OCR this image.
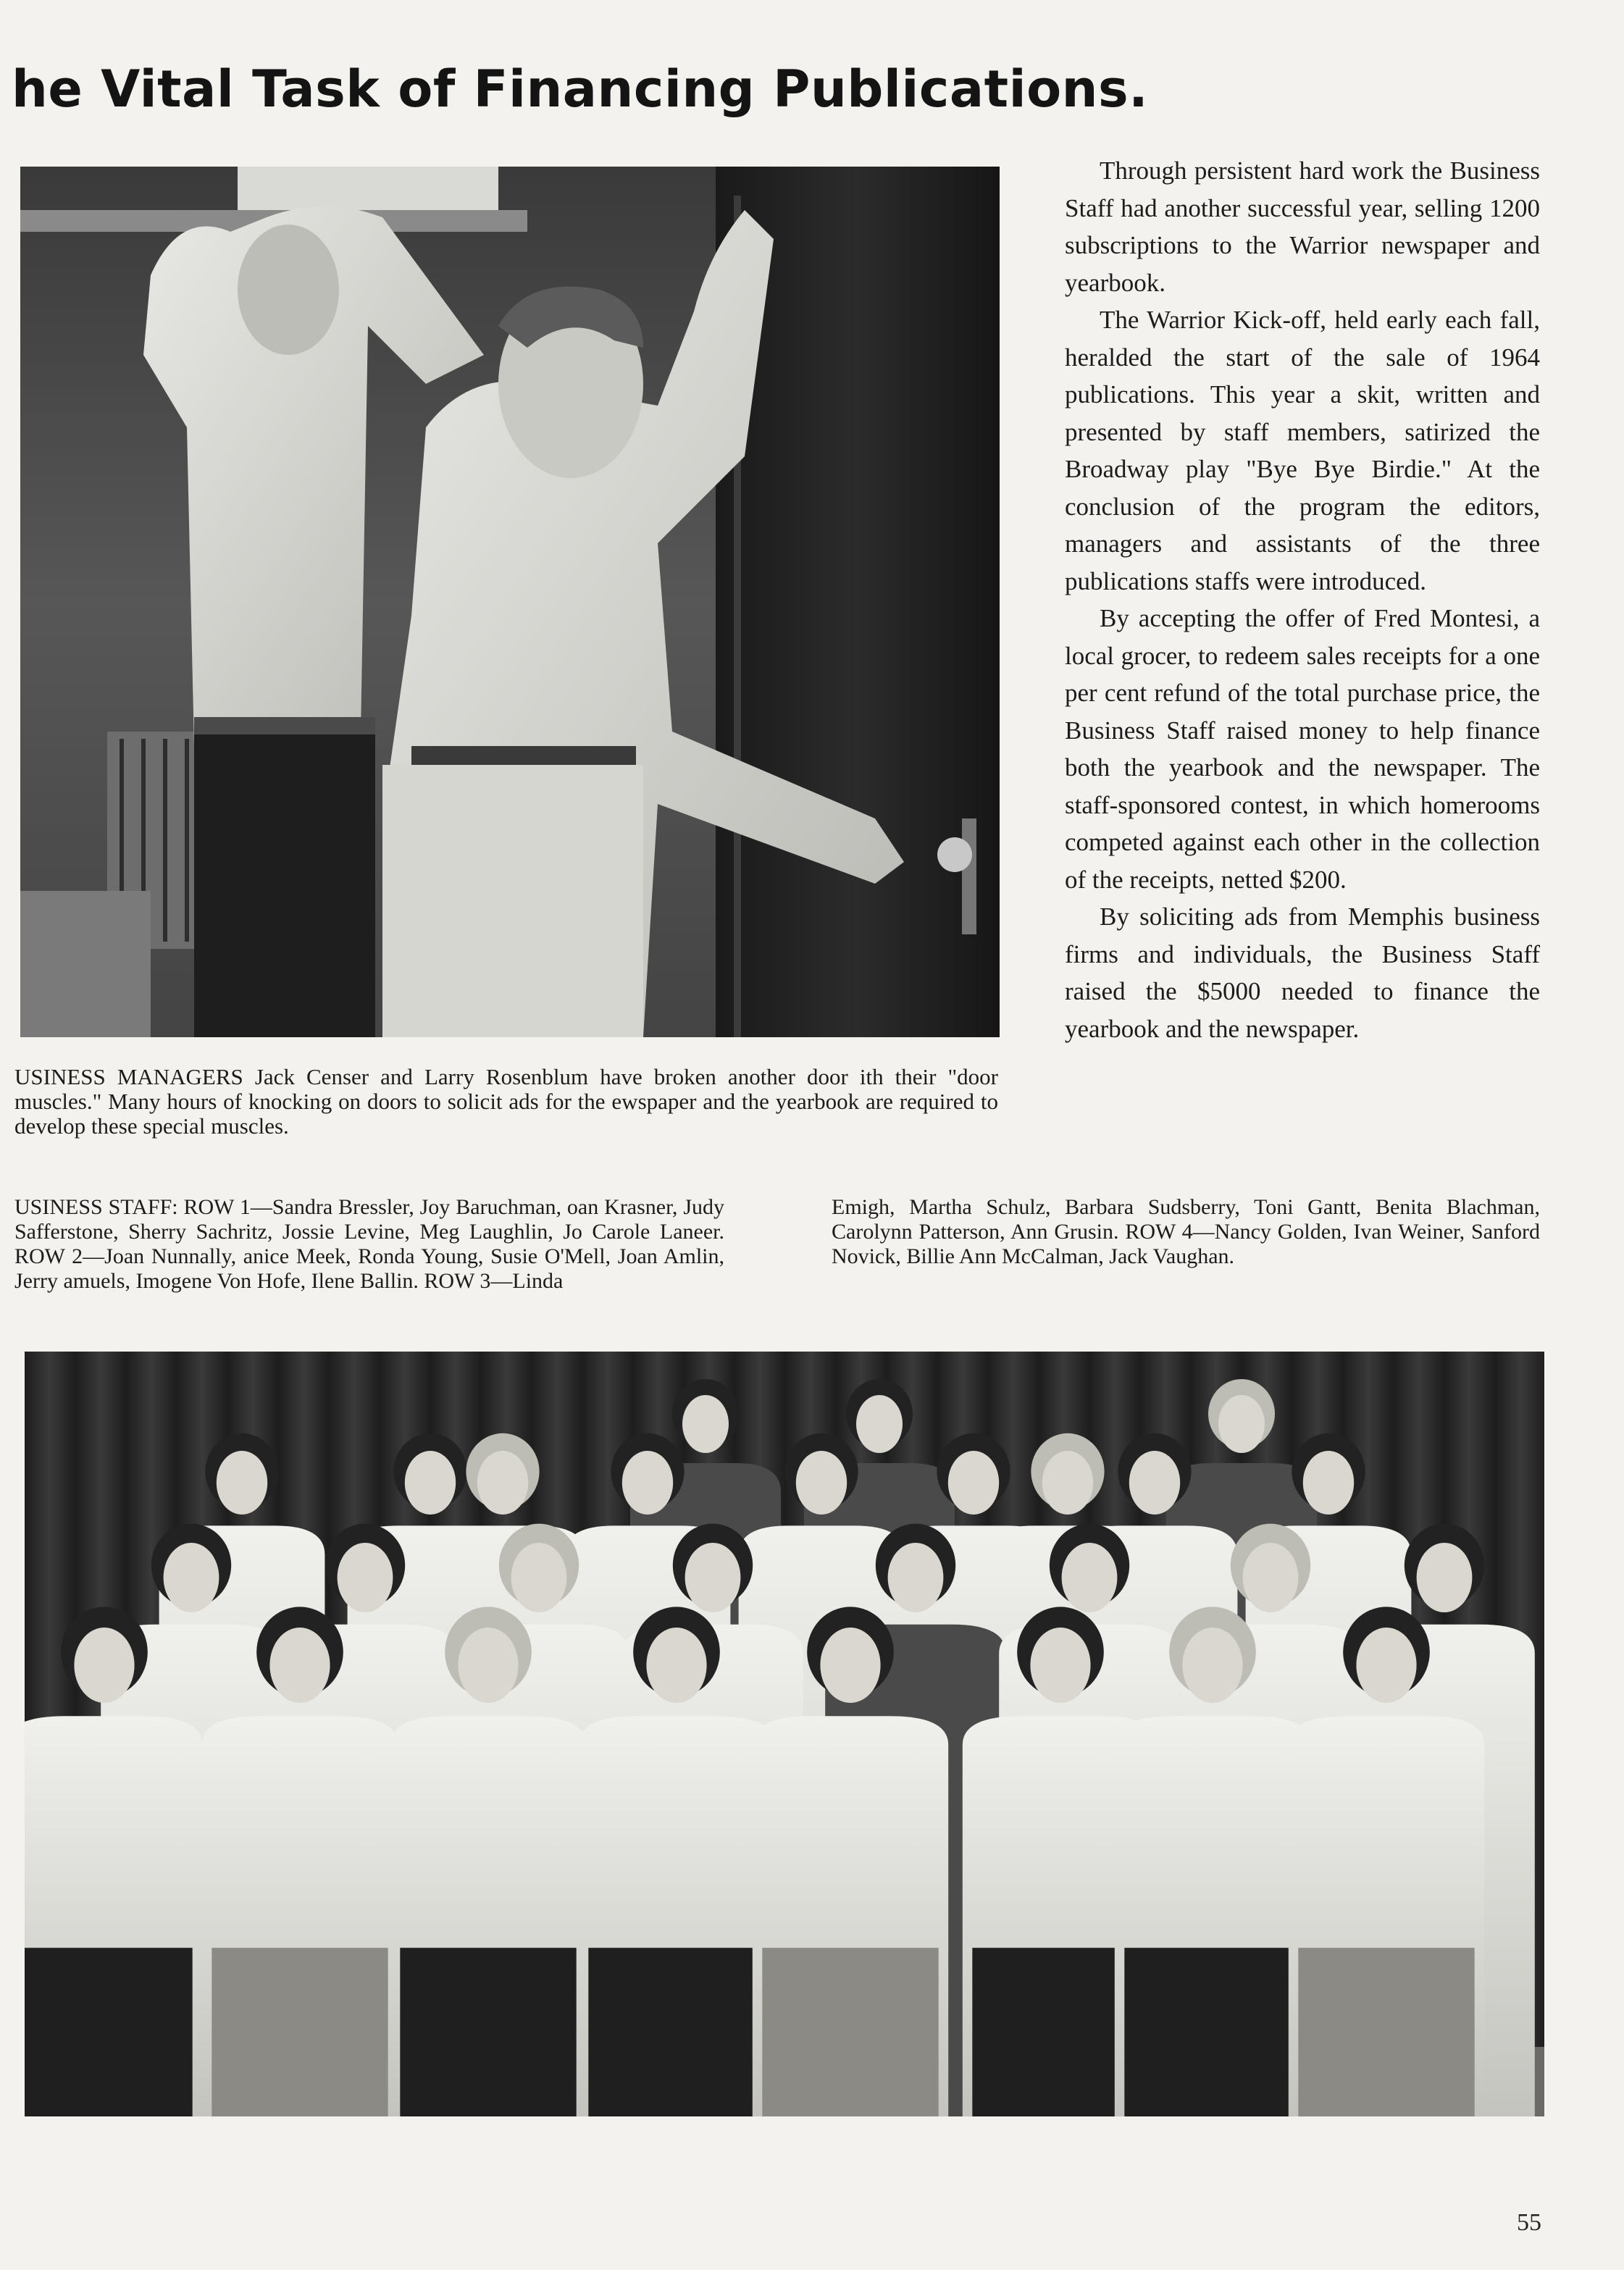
he Vital Task of Financing Publications.

Through persistent hard work the Business Staff had another successful year, selling 1200 subscriptions to the Warrior newspaper and yearbook.

The Warrior Kick-off, held early each fall, heralded the start of the sale of 1964 publications. This year a skit, written and presented by staff members, satirized the Broadway play "Bye Bye Birdie." At the conclusion of the program the editors, managers and assistants of the three publications staffs were introduced.

By accepting the offer of Fred Montesi, a local grocer, to redeem sales receipts for a one per cent refund of the total purchase price, the Business Staff raised money to help finance both the yearbook and the newspaper. The staff-sponsored contest, in which homerooms competed against each other in the collection of the receipts, netted $200.

By soliciting ads from Memphis business firms and individuals, the Business Staff raised the $5000 needed to finance the yearbook and the newspaper.

USINESS MANAGERS Jack Censer and Larry Rosenblum have broken another door ith their "door muscles." Many hours of knocking on doors to solicit ads for the ewspaper and the yearbook are required to develop these special muscles.
USINESS STAFF: ROW 1—Sandra Bressler, Joy Baruchman, oan Krasner, Judy Safferstone, Sherry Sachritz, Jossie Levine, Meg Laughlin, Jo Carole Laneer. ROW 2—Joan Nunnally, anice Meek, Ronda Young, Susie O'Mell, Joan Amlin, Jerry amuels, Imogene Von Hofe, Ilene Ballin. ROW 3—Linda
Emigh, Martha Schulz, Barbara Sudsberry, Toni Gantt, Benita Blachman, Carolynn Patterson, Ann Grusin. ROW 4—Nancy Golden, Ivan Weiner, Sanford Novick, Billie Ann McCalman, Jack Vaughan.
55
